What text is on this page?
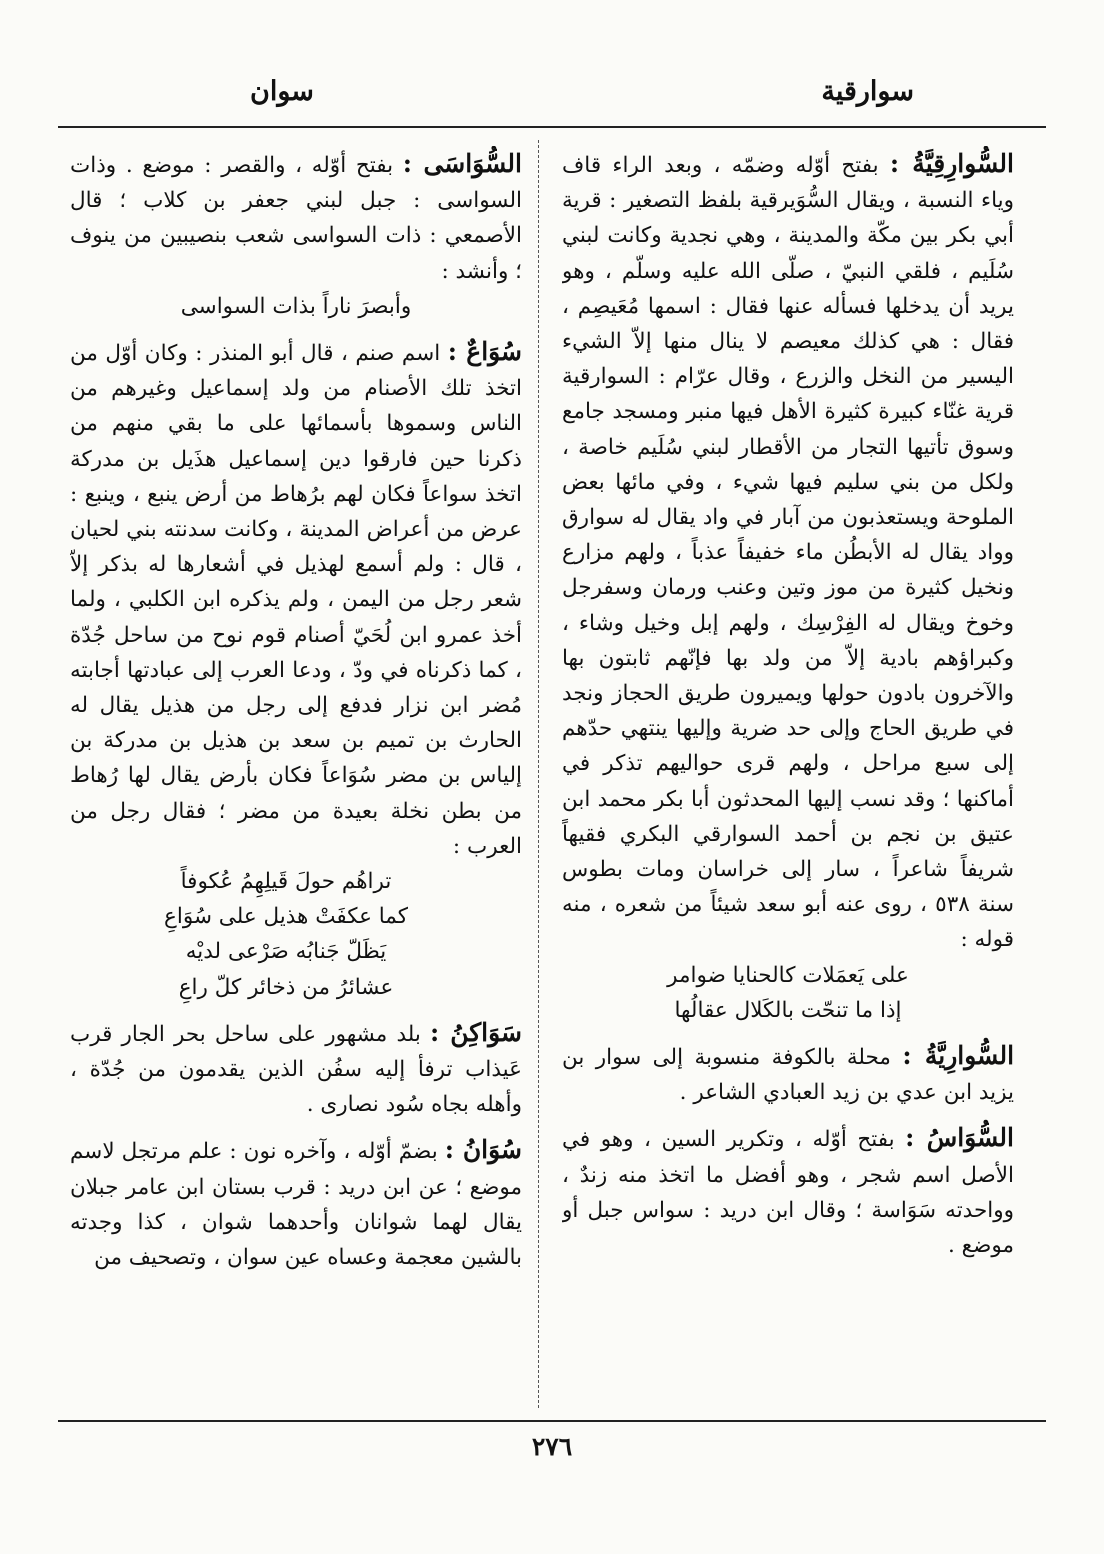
سوارقية
سوان

السُّوارِقِيَّةُ : بفتح أوّله وضمّه ، وبعد الراء قاف وياء النسبة ، ويقال السُّوَيرقية بلفظ التصغير : قرية أبي بكر بين مكّة والمدينة ، وهي نجدية وكانت لبني سُلَيم ، فلقي النبيّ ، صلّى الله عليه وسلّم ، وهو يريد أن يدخلها فسأله عنها فقال : اسمها مُعَيصِم ، فقال : هي كذلك معيصم لا ينال منها إلاّ الشيء اليسير من النخل والزرع ، وقال عرّام : السوارقية قرية غنّاء كبيرة كثيرة الأهل فيها منبر ومسجد جامع وسوق تأتيها التجار من الأقطار لبني سُلَيم خاصة ، ولكل من بني سليم فيها شيء ، وفي مائها بعض الملوحة ويستعذبون من آبار في واد يقال له سوارق وواد يقال له الأبطُن ماء خفيفاً عذباً ، ولهم مزارع ونخيل كثيرة من موز وتين وعنب ورمان وسفرجل وخوخ ويقال له الفِرْسِك ، ولهم إبل وخيل وشاء ، وكبراؤهم بادية إلاّ من ولد بها فإنّهم ثابتون بها والآخرون بادون حولها ويميرون طريق الحجاز ونجد في طريق الحاج وإلى حد ضرية وإليها ينتهي حدّهم إلى سبع مراحل ، ولهم قرى حواليهم تذكر في أماكنها ؛ وقد نسب إليها المحدثون أبا بكر محمد ابن عتيق بن نجم بن أحمد السوارقي البكري فقيهاً شريفاً شاعراً ، سار إلى خراسان ومات بطوس سنة ٥٣٨ ، روى عنه أبو سعد شيئاً من شعره ، منه قوله :

على يَعمَلات كالحنايا ضوامر

إذا ما تنحّت بالكَلال عقالُها

السُّوارِيَّةُ : محلة بالكوفة منسوبة إلى سوار بن يزيد ابن عدي بن زيد العبادي الشاعر .

السُّوَاسُ : بفتح أوّله ، وتكرير السين ، وهو في الأصل اسم شجر ، وهو أفضل ما اتخذ منه زندٌ ، وواحدته سَوَاسة ؛ وقال ابن دريد : سواس جبل أو موضع .

السُّوَاسَى : بفتح أوّله ، والقصر : موضع . وذات السواسى : جبل لبني جعفر بن كلاب ؛ قال الأصمعي : ذات السواسى شعب بنصيبين من ينوف ؛ وأنشد :

وأبصرَ ناراً بذات السواسى

سُوَاعٌ : اسم صنم ، قال أبو المنذر : وكان أوّل من اتخذ تلك الأصنام من ولد إسماعيل وغيرهم من الناس وسموها بأسمائها على ما بقي منهم من ذكرنا حين فارقوا دين إسماعيل هذَيل بن مدركة اتخذ سواعاً فكان لهم برُهاط من أرض ينبع ، وينبع : عرض من أعراض المدينة ، وكانت سدنته بني لحيان ، قال : ولم أسمع لهذيل في أشعارها له بذكر إلاّ شعر رجل من اليمن ، ولم يذكره ابن الكلبي ، ولما أخذ عمرو ابن لُحَيّ أصنام قوم نوح من ساحل جُدّة ، كما ذكرناه في ودّ ، ودعا العرب إلى عبادتها أجابته مُضر ابن نزار فدفع إلى رجل من هذيل يقال له الحارث بن تميم بن سعد بن هذيل بن مدركة بن إلياس بن مضر سُوَاعاً فكان بأرض يقال لها رُهاط من بطن نخلة بعيدة من مضر ؛ فقال رجل من العرب :

تراهُم حولَ قَيلِهِمُ عُكوفاً

كما عكفَتْ هذيل على سُوَاعِ

يَظَلّ جَنابُه صَرْعى لديْه

عشائرُ من ذخائر كلّ راعِ

سَوَاكِنُ : بلد مشهور على ساحل بحر الجار قرب عَيذاب ترفأ إليه سفُن الذين يقدمون من جُدّة ، وأهله بجاه سُود نصارى .

سُوَانُ : بضمّ أوّله ، وآخره نون : علم مرتجل لاسم موضع ؛ عن ابن دريد : قرب بستان ابن عامر جبلان يقال لهما شوانان وأحدهما شوان ، كذا وجدته بالشين معجمة وعساه عين سوان ، وتصحيف من

٢٧٦
